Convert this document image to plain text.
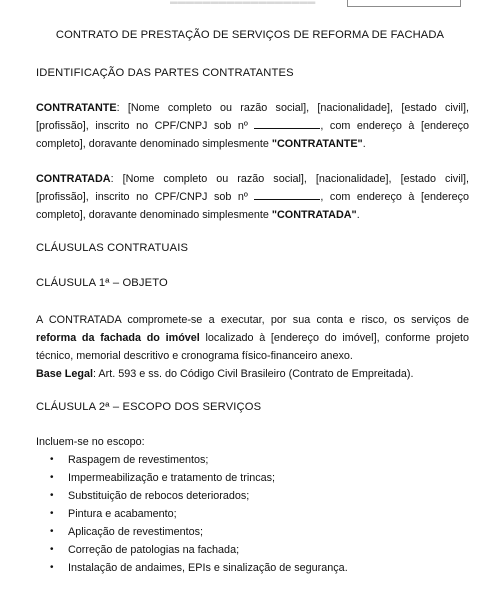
CONTRATO DE PRESTAÇÃO DE SERVIÇOS DE REFORMA DE FACHADA
IDENTIFICAÇÃO DAS PARTES CONTRATANTES
CONTRATANTE: [Nome completo ou razão social], [nacionalidade], [estado civil], [profissão], inscrito no CPF/CNPJ sob nº	, com endereço à [endereço completo], doravante denominado simplesmente "CONTRATANTE".
CONTRATADA: [Nome completo ou razão social], [nacionalidade], [estado civil], [profissão], inscrito no CPF/CNPJ sob nº	, com endereço à [endereço completo], doravante denominado simplesmente "CONTRATADA".
CLÁUSULAS CONTRATUAIS
CLÁUSULA 1ª – OBJETO
A CONTRATADA compromete-se a executar, por sua conta e risco, os serviços de reforma da fachada do imóvel localizado à [endereço do imóvel], conforme projeto técnico, memorial descritivo e cronograma físico-financeiro anexo.
Base Legal: Art. 593 e ss. do Código Civil Brasileiro (Contrato de Empreitada).
CLÁUSULA 2ª – ESCOPO DOS SERVIÇOS
Incluem-se no escopo:
• Raspagem de revestimentos;
• Impermeabilização e tratamento de trincas;
• Substituição de rebocos deteriorados;
• Pintura e acabamento;
• Aplicação de revestimentos;
• Correção de patologias na fachada;
• Instalação de andaimes, EPIs e sinalização de segurança.
